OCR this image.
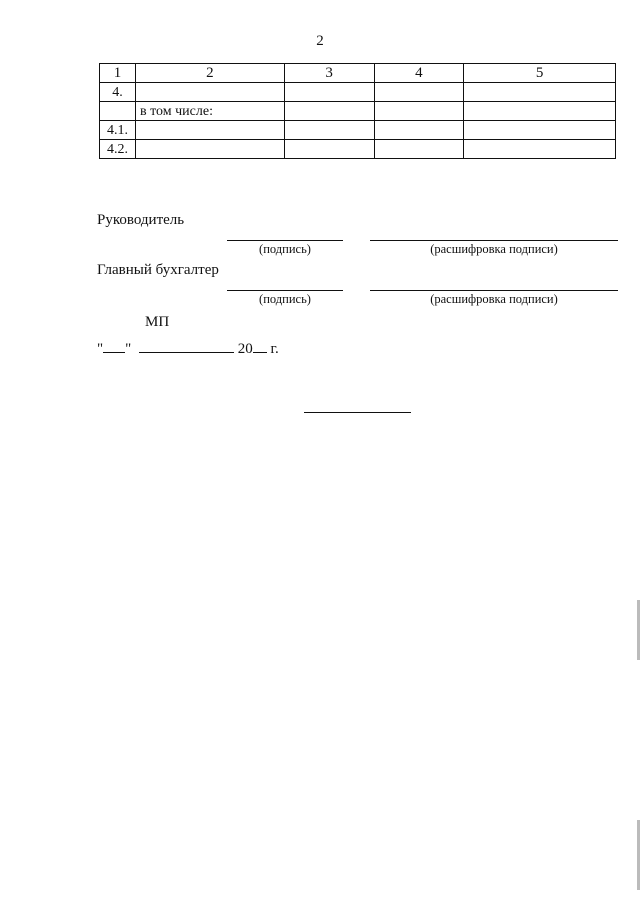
2
1	2	3	4	5
4.				
	в том числе:			
4.1.				
4.2.				
Руководитель
(подпись)	(расшифровка подписи)
Главный бухгалтер
(подпись)	(расшифровка подписи)
МП
" "	20 г.
